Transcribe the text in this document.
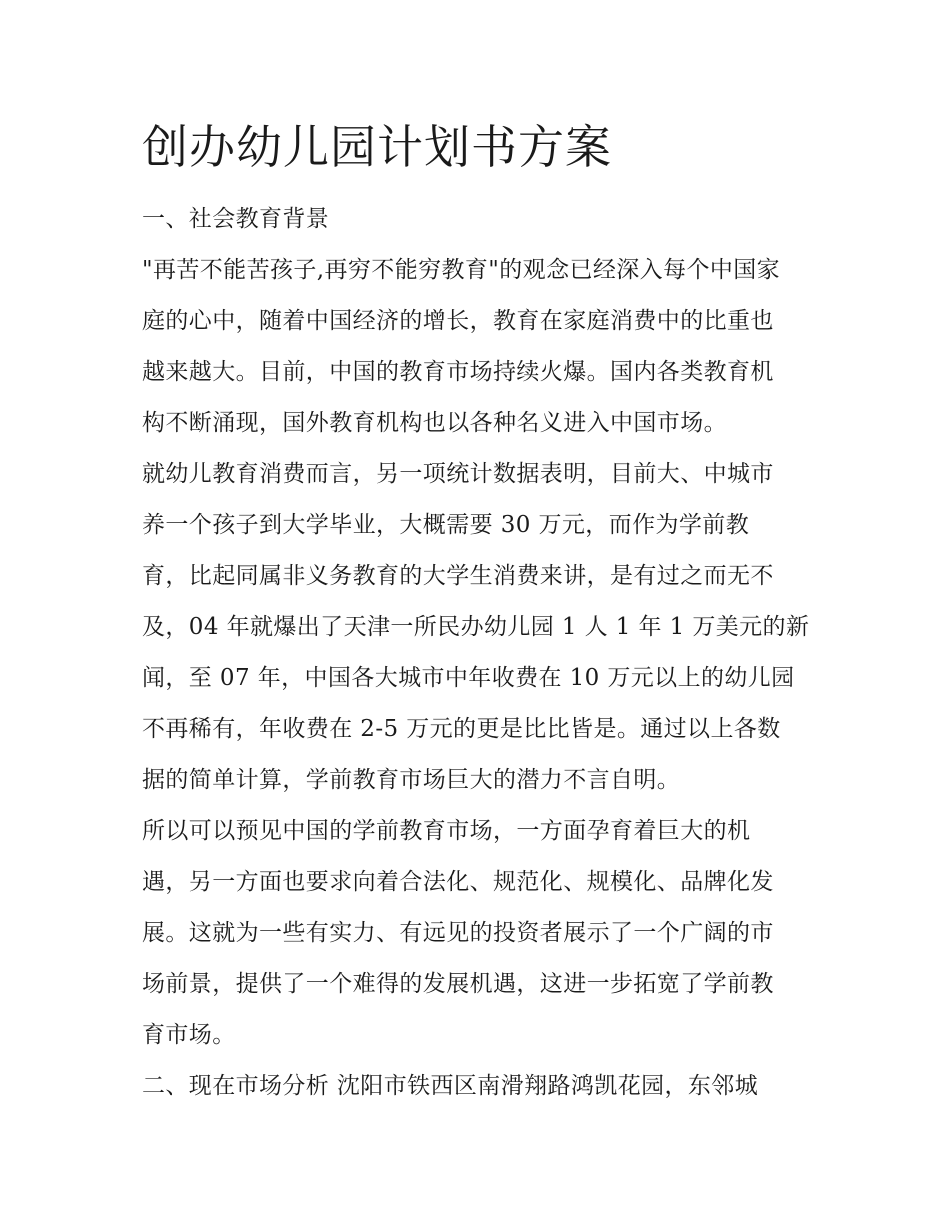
创办幼儿园计划书方案
一、社会教育背景
"再苦不能苦孩子,再穷不能穷教育"的观念已经深入每个中国家
庭的心中，随着中国经济的增长，教育在家庭消费中的比重也
越来越大。目前，中国的教育市场持续火爆。国内各类教育机
构不断涌现，国外教育机构也以各种名义进入中国市场。
就幼儿教育消费而言，另一项统计数据表明，目前大、中城市
养一个孩子到大学毕业，大概需要 30 万元，而作为学前教
育，比起同属非义务教育的大学生消费来讲，是有过之而无不
及，04 年就爆出了天津一所民办幼儿园 1 人 1 年 1 万美元的新
闻，至 07 年，中国各大城市中年收费在 10 万元以上的幼儿园
不再稀有，年收费在 2-5 万元的更是比比皆是。通过以上各数
据的简单计算，学前教育市场巨大的潜力不言自明。
所以可以预见中国的学前教育市场，一方面孕育着巨大的机
遇，另一方面也要求向着合法化、规范化、规模化、品牌化发
展。这就为一些有实力、有远见的投资者展示了一个广阔的市
场前景，提供了一个难得的发展机遇，这进一步拓宽了学前教
育市场。
二、现在市场分析 沈阳市铁西区南滑翔路鸿凯花园，东邻城
